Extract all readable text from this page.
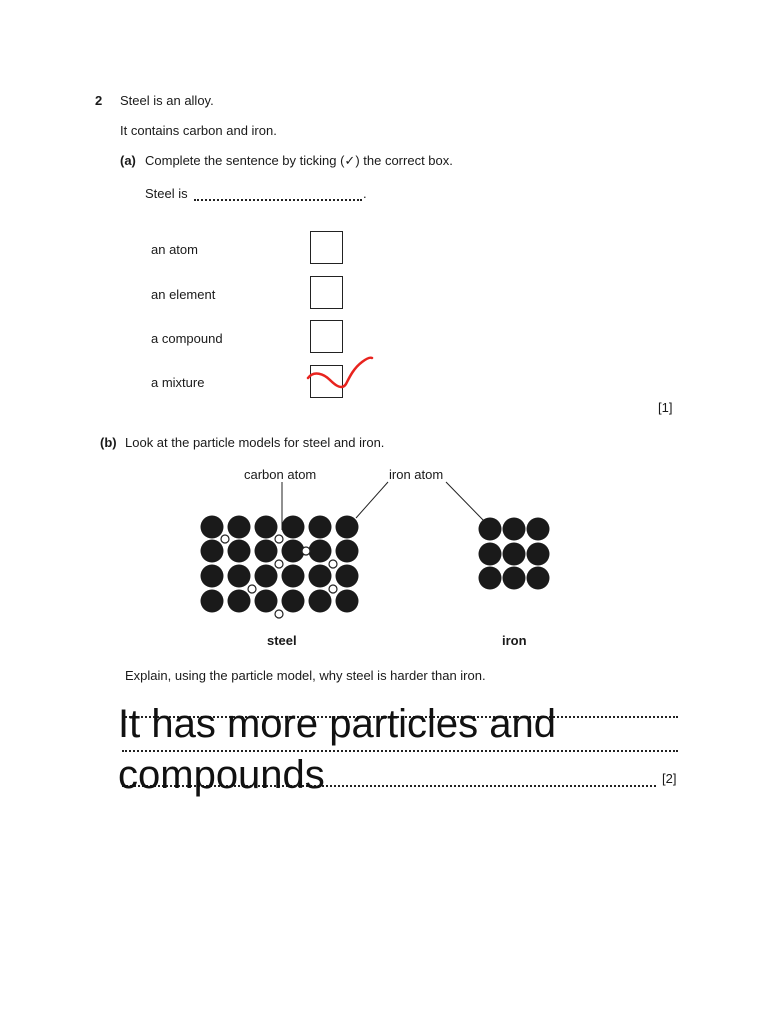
2 Steel is an alloy.
It contains carbon and iron.
(a) Complete the sentence by ticking (✓) the correct box.
Steel is	.
an atom
an element
a compound
a mixture
[1]
(b) Look at the particle models for steel and iron.
carbon atom	iron atom
steel	iron
Explain, using the particle model, why steel is harder than iron.
[2]
It has more particles and
compounds
